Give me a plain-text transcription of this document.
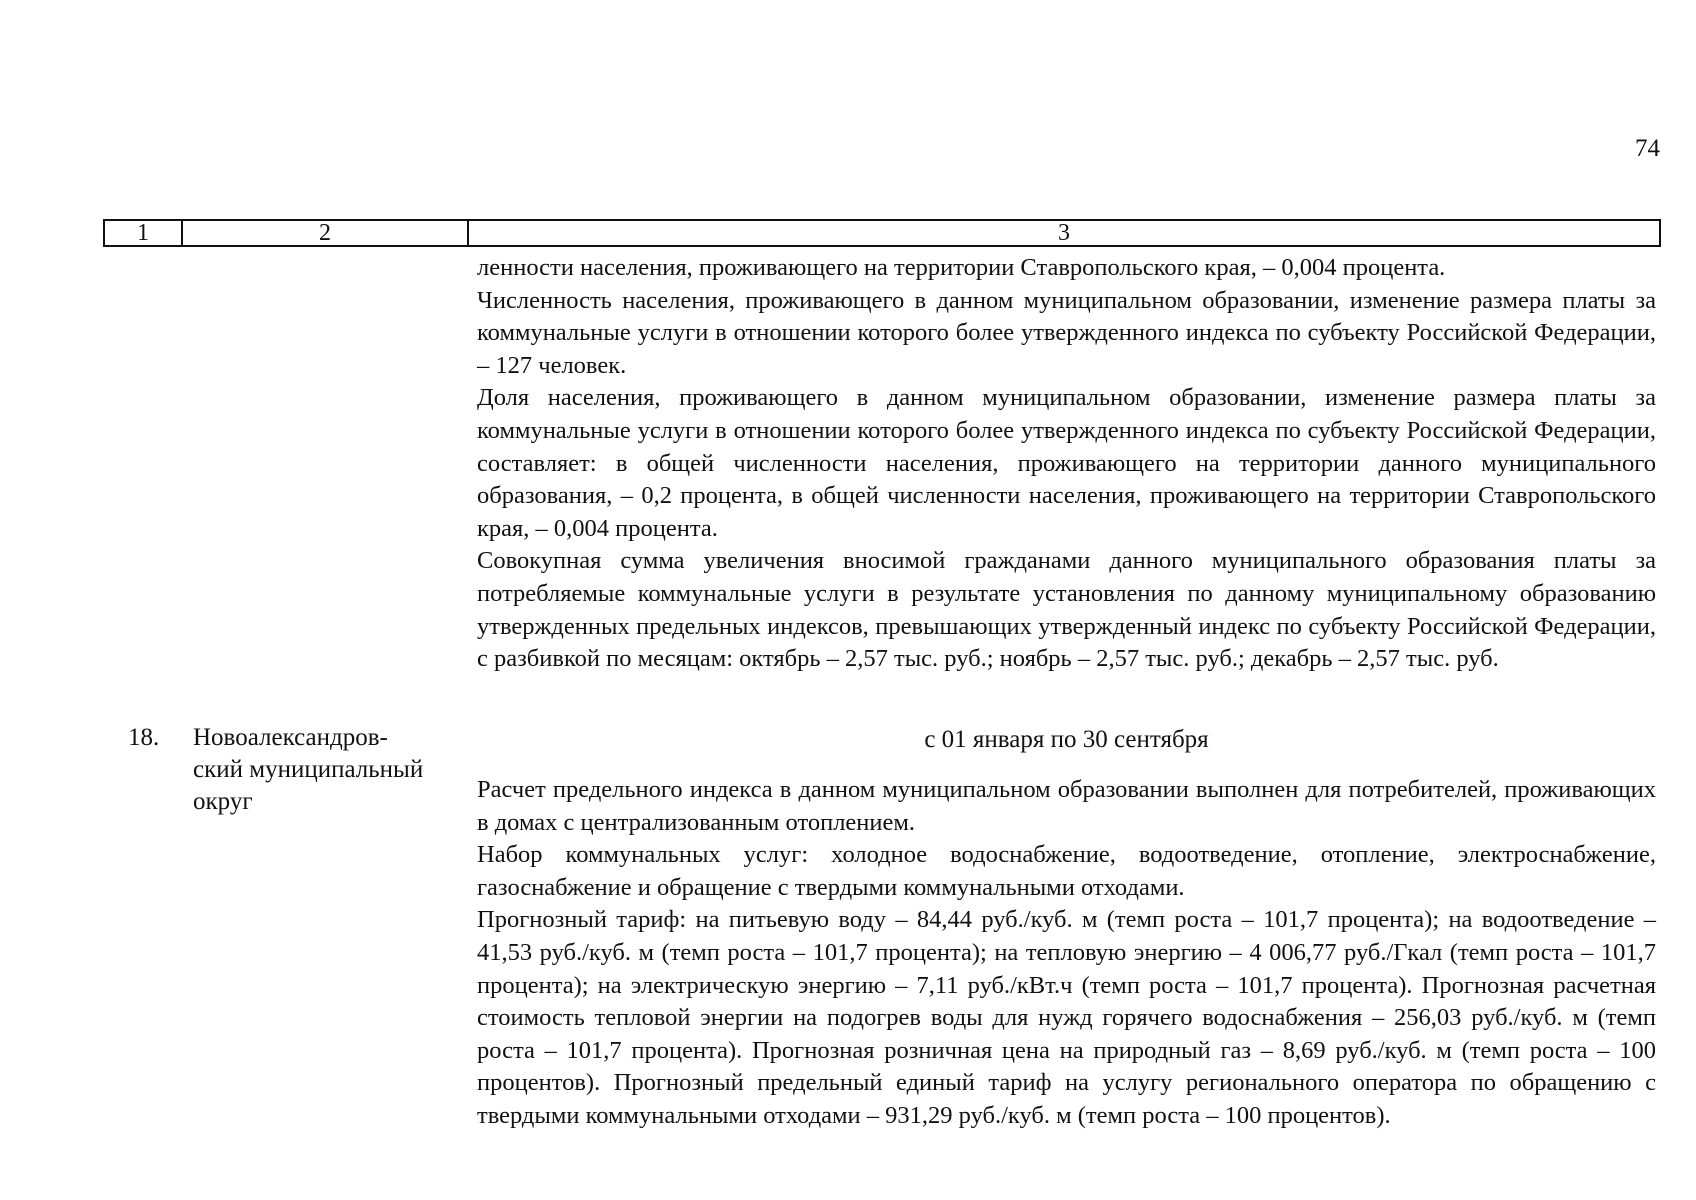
74
1	2	3

ленности населения, проживающего на территории Ставропольского края, – 0,004 процента.

Численность населения, проживающего в данном муниципальном образовании, изменение размера платы за коммунальные услуги в отношении которого более утвержденного индекса по субъекту Российской Федерации, – 127 человек.

Доля населения, проживающего в данном муниципальном образовании, изменение размера платы за коммунальные услуги в отношении которого более утвержденного индекса по субъекту Российской Федерации, составляет: в общей численности населения, проживающего на территории данного муниципального образования, – 0,2 процента, в общей численности населения, проживающего на территории Ставропольского края, – 0,004 процента.

Совокупная сумма увеличения вносимой гражданами данного муниципального образования платы за потребляемые коммунальные услуги в результате установления по данному муниципальному образованию утвержденных предельных индексов, превышающих утвержденный индекс по субъекту Российской Федерации, с разбивкой по месяцам: октябрь – 2,57 тыс. руб.; ноябрь – 2,57 тыс. руб.; декабрь – 2,57 тыс. руб.

18. Новоалександров-
ский муниципальный
округ
с 01 января по 30 сентября

Расчет предельного индекса в данном муниципальном образовании выполнен для потребителей, проживающих в домах с централизованным отоплением.

Набор коммунальных услуг: холодное водоснабжение, водоотведение, отопление, электроснабжение, газоснабжение и обращение с твердыми коммунальными отходами.

Прогнозный тариф: на питьевую воду – 84,44 руб./куб. м (темп роста – 101,7 процента); на водоотведение – 41,53 руб./куб. м (темп роста – 101,7 процента); на тепловую энергию – 4 006,77 руб./Гкал (темп роста – 101,7 процента); на электрическую энергию – 7,11 руб./кВт.ч (темп роста – 101,7 процента). Прогнозная расчетная стоимость тепловой энергии на подогрев воды для нужд горячего водоснабжения – 256,03 руб./куб. м (темп роста – 101,7 процента). Прогнозная розничная цена на природный газ – 8,69 руб./куб. м (темп роста – 100 процентов). Прогнозный предельный единый тариф на услугу регионального оператора по обращению с твердыми коммунальными отходами – 931,29 руб./куб. м (темп роста – 100 процентов).
